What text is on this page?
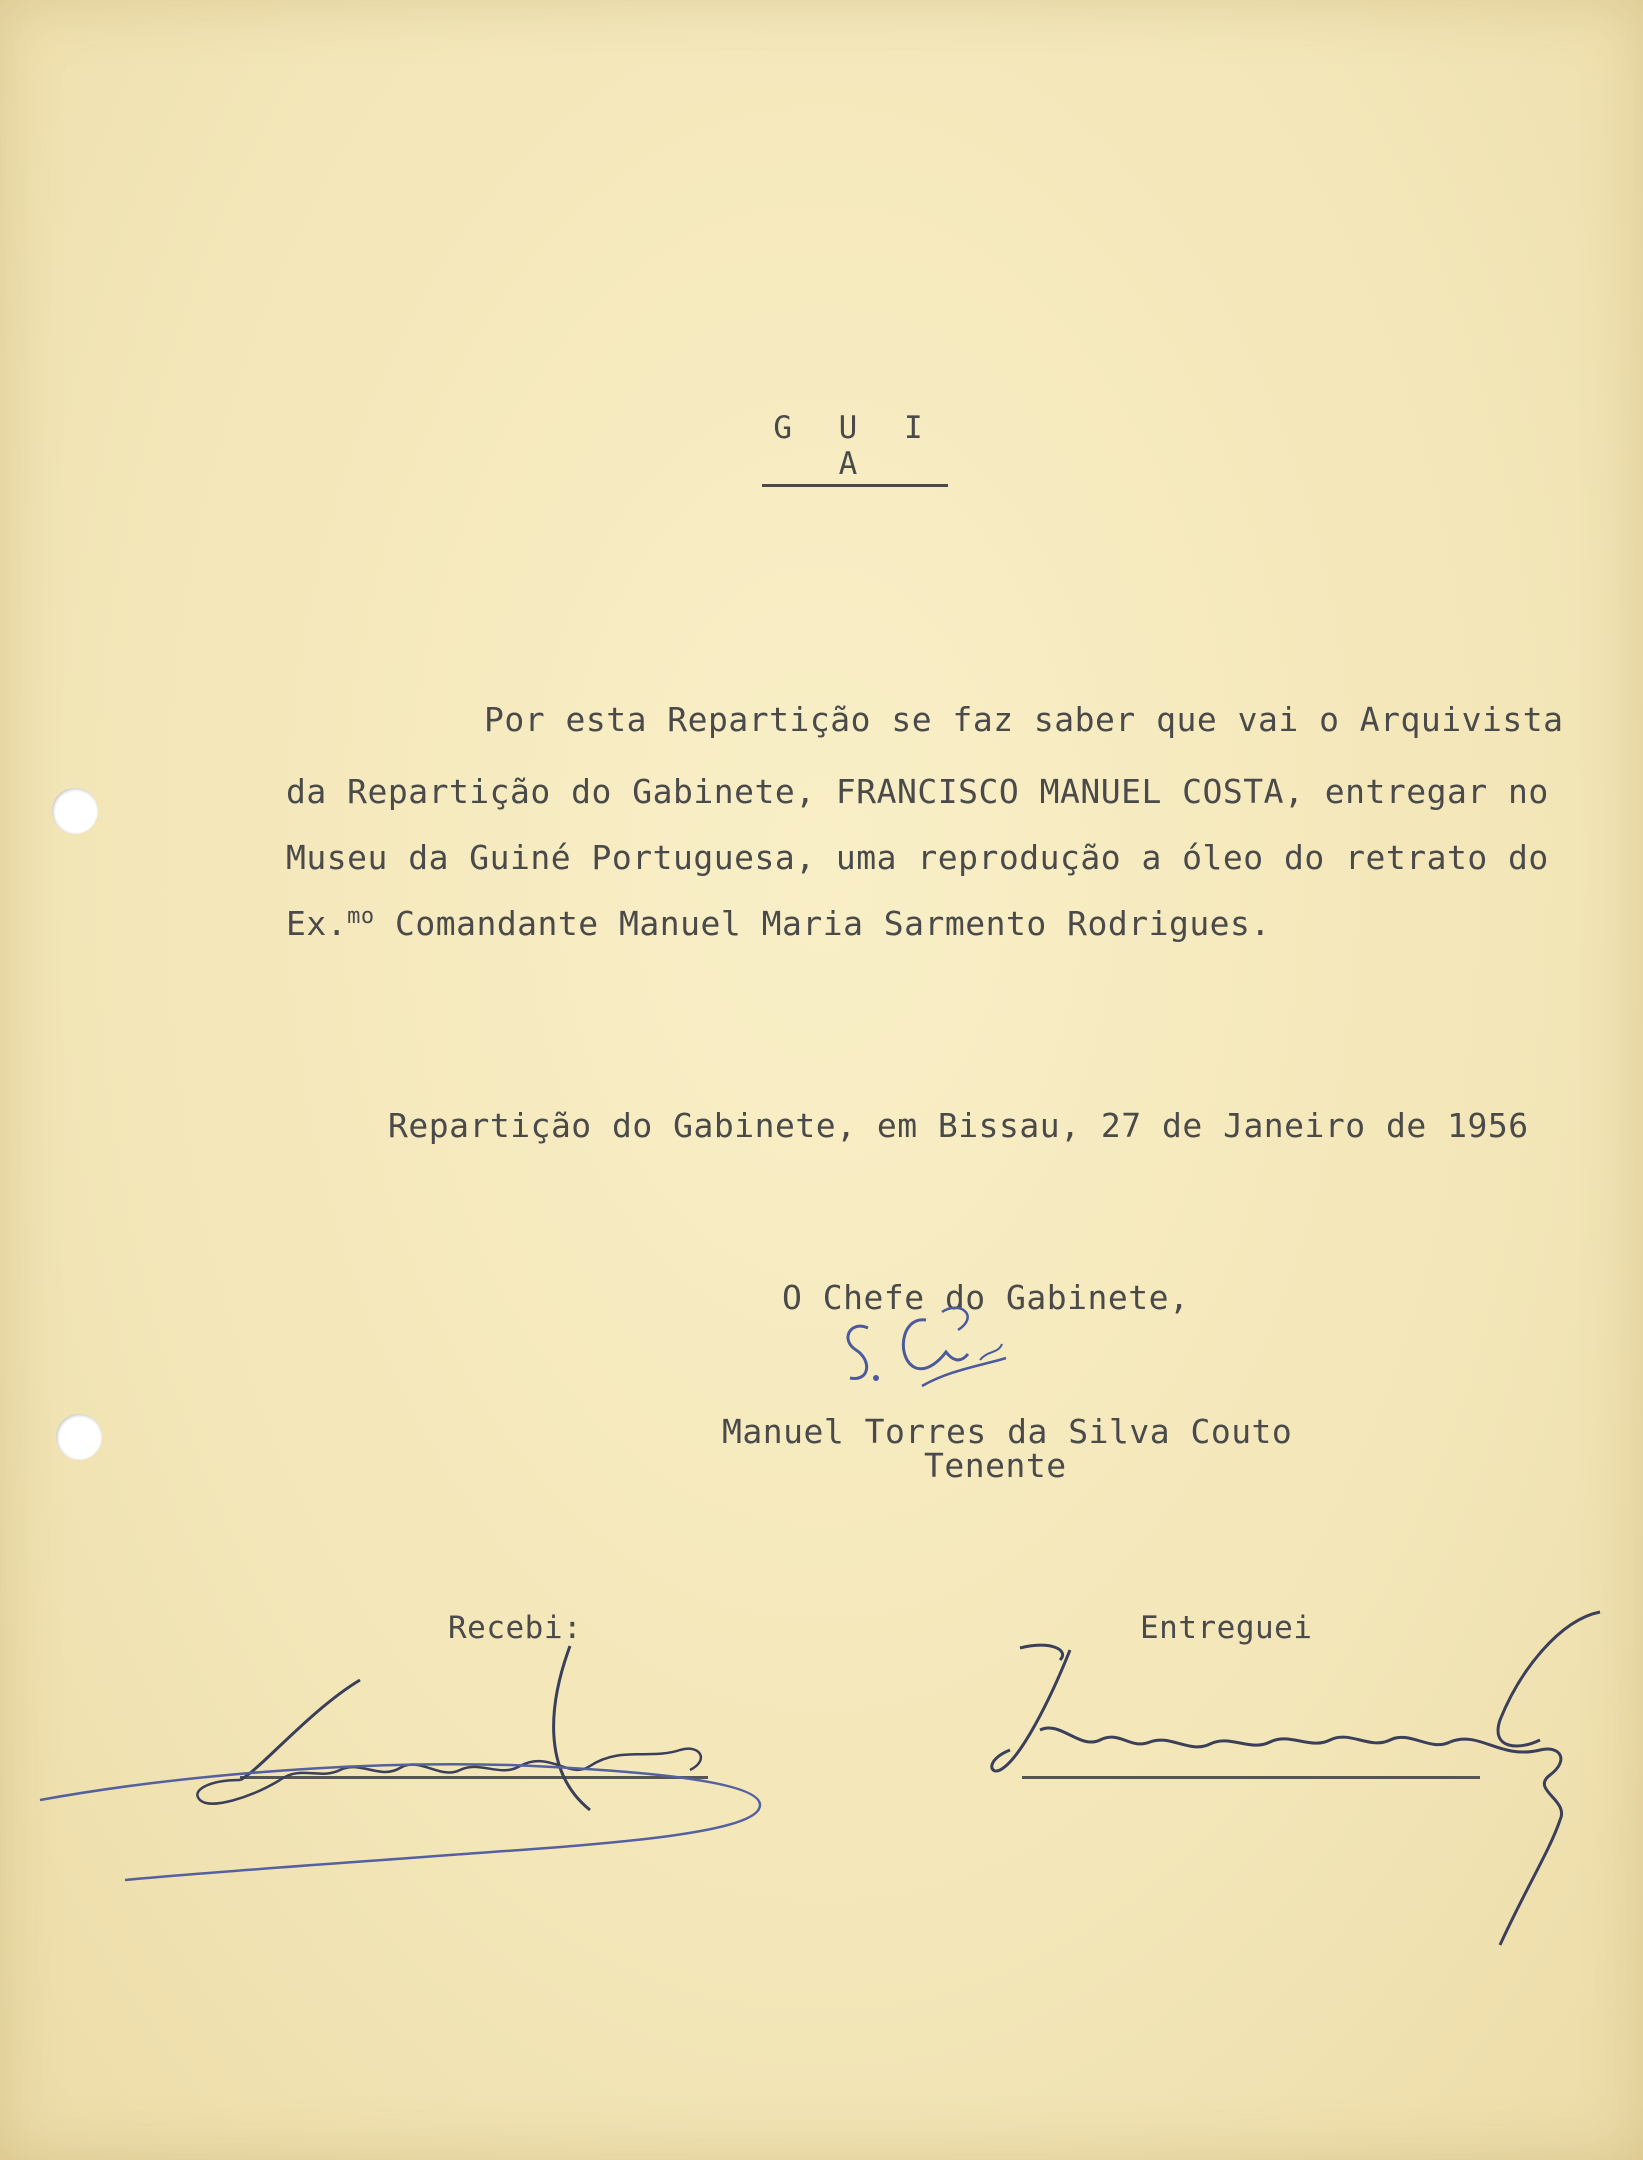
G U I A
Por esta Repartição se faz saber que vai o Arquivista
da Repartição do Gabinete, FRANCISCO MANUEL COSTA, entregar no
Museu da Guiné Portuguesa, uma reprodução a óleo do retrato do
Ex.$^{mo}$ Comandante Manuel Maria Sarmento Rodrigues.
Repartição do Gabinete, em Bissau, 27 de Janeiro de 1956
O Chefe do Gabinete,
Manuel Torres da Silva Couto
Tenente
Recebi:	Entreguei
